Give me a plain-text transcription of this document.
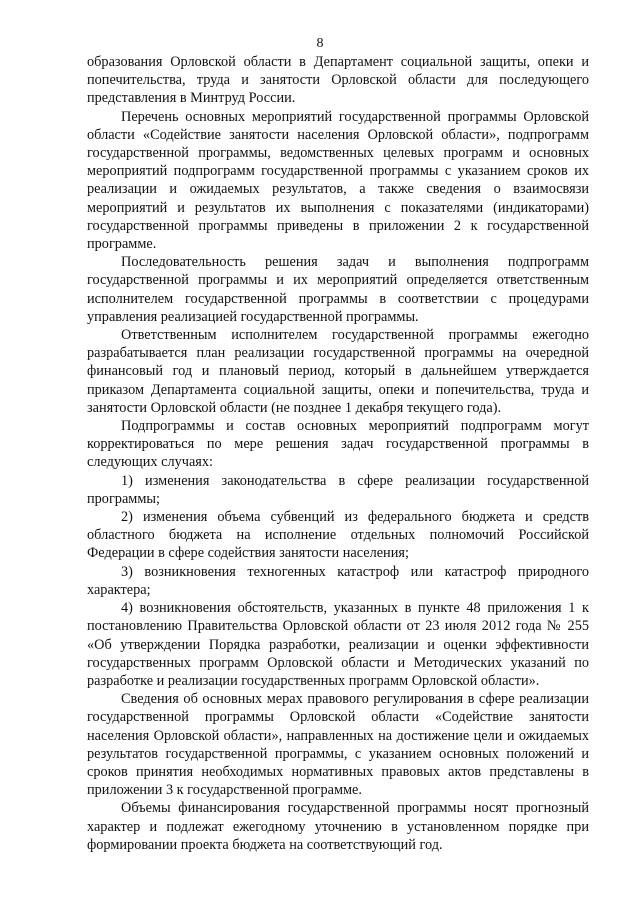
8

образования Орловской области в Департамент социальной защиты, опеки и попечительства, труда и занятости Орловской области для последующего представления в Минтруд России.

Перечень основных мероприятий государственной программы Орловской области «Содействие занятости населения Орловской области», подпрограмм государственной программы, ведомственных целевых программ и основных мероприятий подпрограмм государственной программы с указанием сроков их реализации и ожидаемых результатов, а также сведения о взаимосвязи мероприятий и результатов их выполнения с показателями (индикаторами) государственной программы приведены в приложении 2 к государственной программе.

Последовательность решения задач и выполнения подпрограмм государственной программы и их мероприятий определяется ответственным исполнителем государственной программы в соответствии с процедурами управления реализацией государственной программы.

Ответственным исполнителем государственной программы ежегодно разрабатывается план реализации государственной программы на очередной финансовый год и плановый период, который в дальнейшем утверждается приказом Департамента социальной защиты, опеки и попечительства, труда и занятости Орловской области (не позднее 1 декабря текущего года).

Подпрограммы и состав основных мероприятий подпрограмм могут корректироваться по мере решения задач государственной программы в следующих случаях:

1) изменения законодательства в сфере реализации государственной программы;

2) изменения объема субвенций из федерального бюджета и средств областного бюджета на исполнение отдельных полномочий Российской Федерации в сфере содействия занятости населения;

3) возникновения техногенных катастроф или катастроф природного характера;

4) возникновения обстоятельств, указанных в пункте 48 приложения 1 к постановлению Правительства Орловской области от 23 июля 2012 года № 255 «Об утверждении Порядка разработки, реализации и оценки эффективности государственных программ Орловской области и Методических указаний по разработке и реализации государственных программ Орловской области».

Сведения об основных мерах правового регулирования в сфере реализации государственной программы Орловской области «Содействие занятости населения Орловской области», направленных на достижение цели и ожидаемых результатов государственной программы, с указанием основных положений и сроков принятия необходимых нормативных правовых актов представлены в приложении 3 к государственной программе.

Объемы финансирования государственной программы носят прогнозный характер и подлежат ежегодному уточнению в установленном порядке при формировании проекта бюджета на соответствующий год.
